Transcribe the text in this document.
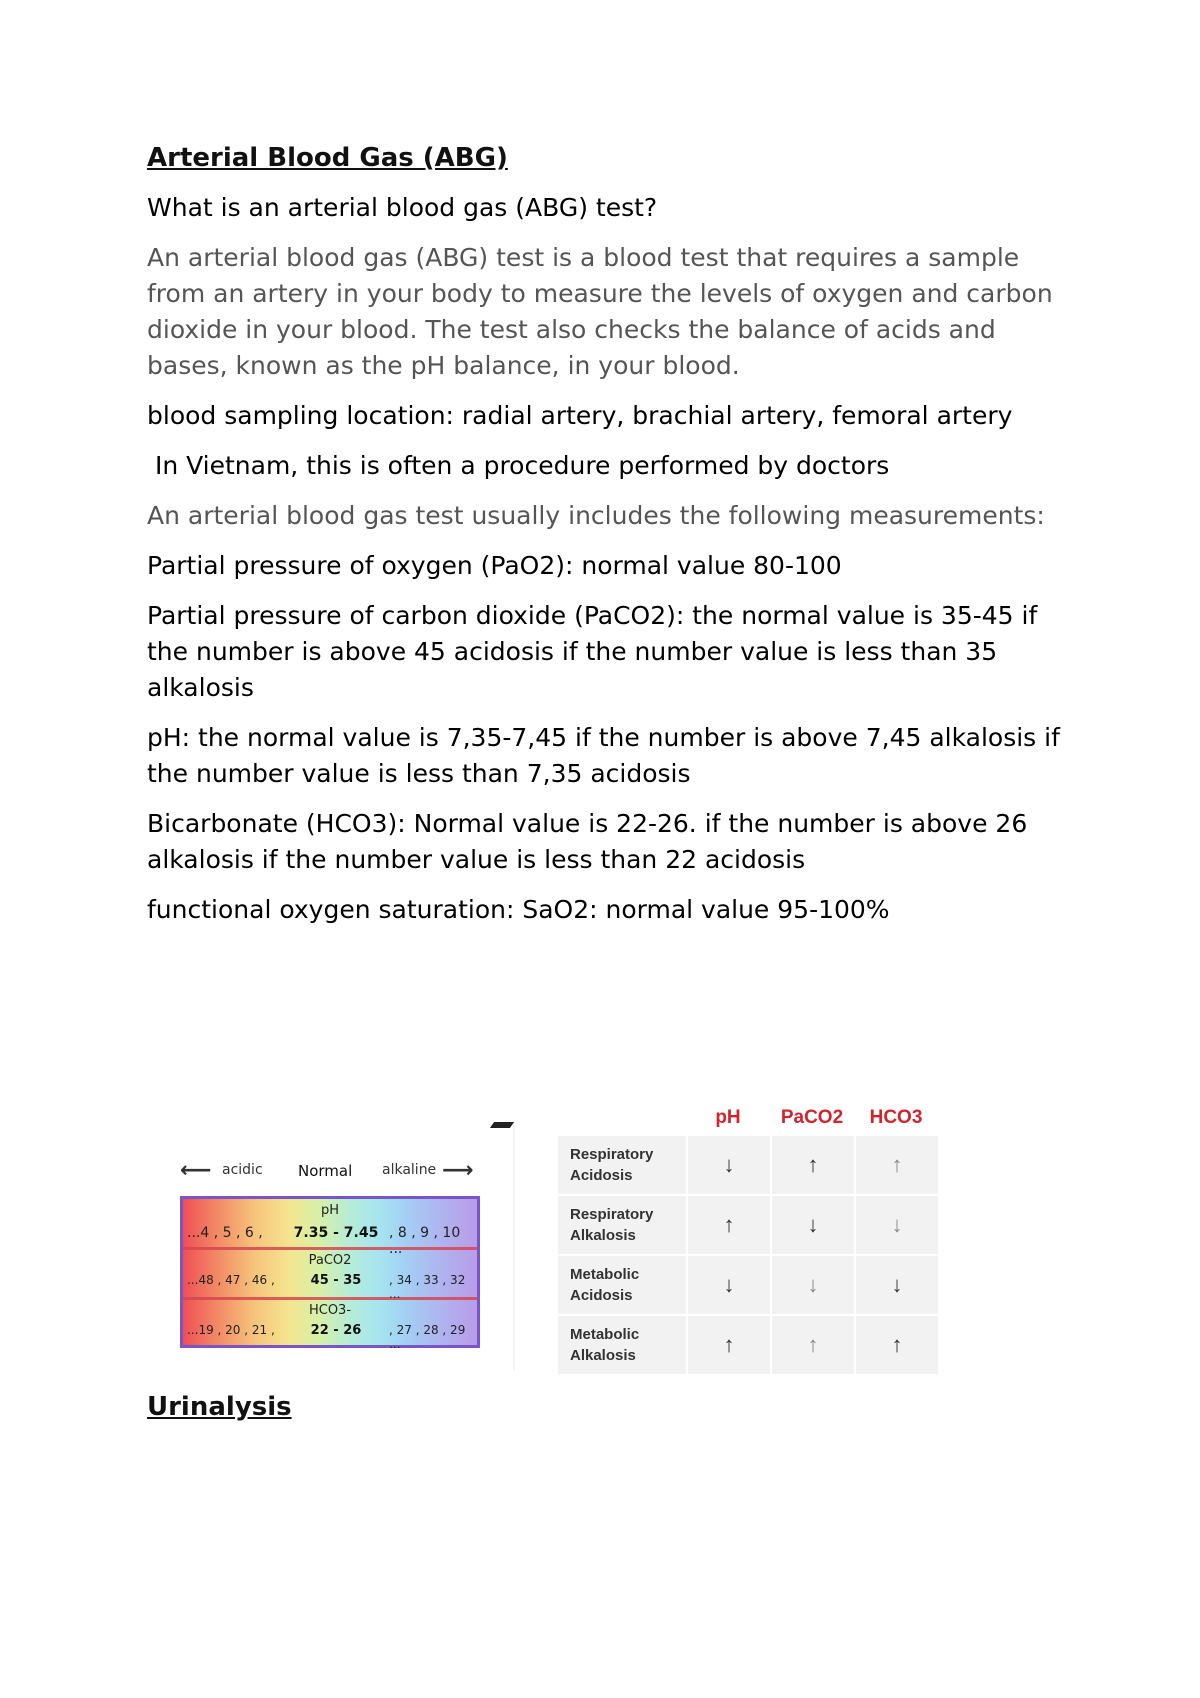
Arterial Blood Gas (ABG)

What is an arterial blood gas (ABG) test?

An arterial blood gas (ABG) test is a blood test that requires a sample from an artery in your body to measure the levels of oxygen and carbon dioxide in your blood. The test also checks the balance of acids and bases, known as the pH balance, in your blood.

blood sampling location: radial artery, brachial artery, femoral artery

In Vietnam, this is often a procedure performed by doctors

An arterial blood gas test usually includes the following measurements:

Partial pressure of oxygen (PaO2): normal value 80-100

Partial pressure of carbon dioxide (PaCO2): the normal value is 35-45 if the number is above 45 acidosis if the number value is less than 35 alkalosis

pH: the normal value is 7,35-7,45 if the number is above 7,45 alkalosis if the number value is less than 7,35 acidosis

Bicarbonate (HCO3): Normal value is 22-26. if the number is above 26 alkalosis if the number value is less than 22 acidosis

functional oxygen saturation: SaO2: normal value 95-100%

⟵ acidic Normal alkaline ⟶
pH
...4 , 5 , 6 , 7.35 - 7.45 , 8 , 9 , 10 ...
PaCO2
...48 , 47 , 46 ,	45 - 35	, 34 , 33 , 32 ...
HCO3-
...19 , 20 , 21 ,	22 - 26	, 27 , 28 , 29 ...
	pH	PaCO2	HCO3
Respiratory
Acidosis	↓	↑	↑
Respiratory
Alkalosis	↑	↓	↓
Metabolic
Acidosis	↓	↓	↓
Metabolic
Alkalosis	↑	↑	↑
Urinalysis
